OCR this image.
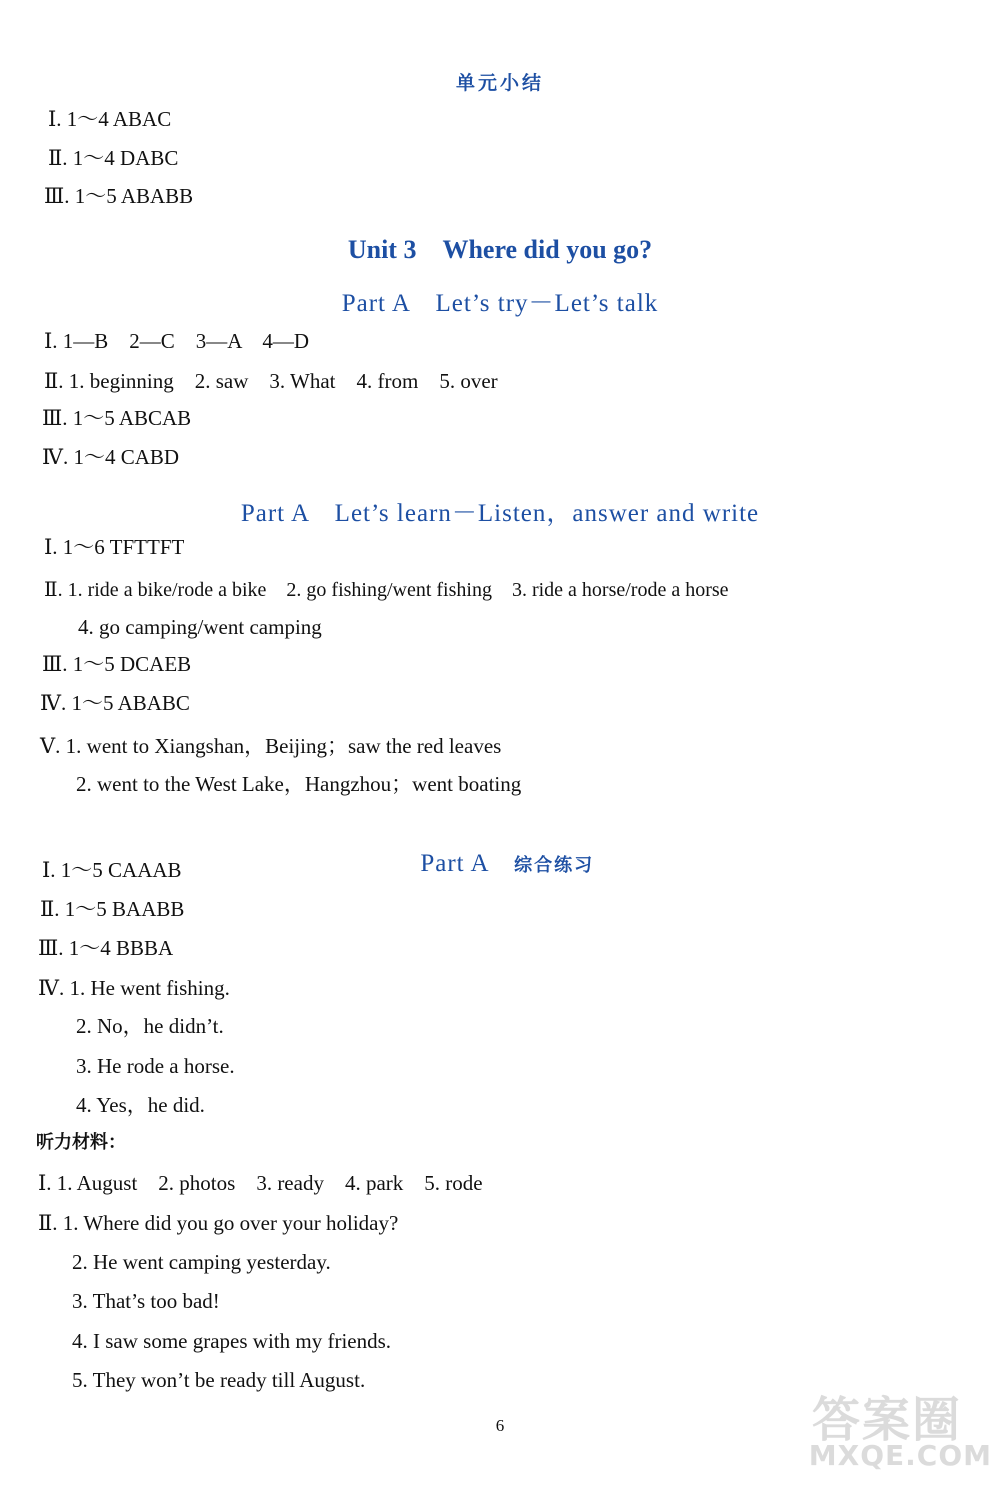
单元小结
Ⅰ. 1～4 ABAC
Ⅱ. 1～4 DABC
Ⅲ. 1～5 ABABB
Unit 3　Where did you go?
Part A　Let’s try－Let’s talk
Ⅰ. 1—B　2—C　3—A　4—D
Ⅱ. 1. beginning　2. saw　3. What　4. from　5. over
Ⅲ. 1～5 ABCAB
Ⅳ. 1～4 CABD
Part A　Let’s learn－Listen，answer and write
Ⅰ. 1～6 TFTTFT
Ⅱ. 1. ride a bike/rode a bike　2. go fishing/went fishing　3. ride a horse/rode a horse
4. go camping/went camping
Ⅲ. 1～5 DCAEB
Ⅳ. 1～5 ABABC
Ⅴ. 1. went to Xiangshan，Beijing；saw the red leaves
2. went to the West Lake，Hangzhou；went boating

Part A　 综合练习

Ⅰ. 1～5 CAAAB
Ⅱ. 1～5 BAABB
Ⅲ. 1～4 BBBA
Ⅳ. 1. He went fishing.
2. No，he didn’t.
3. He rode a horse.
4. Yes，he did.
听力材料：
Ⅰ. 1. August　2. photos　3. ready　4. park　5. rode
Ⅱ. 1. Where did you go over your holiday?
2. He went camping yesterday.
3. That’s too bad!
4. I saw some grapes with my friends.
5. They won’t be ready till August.
6	答案圈
MXQE.COM
